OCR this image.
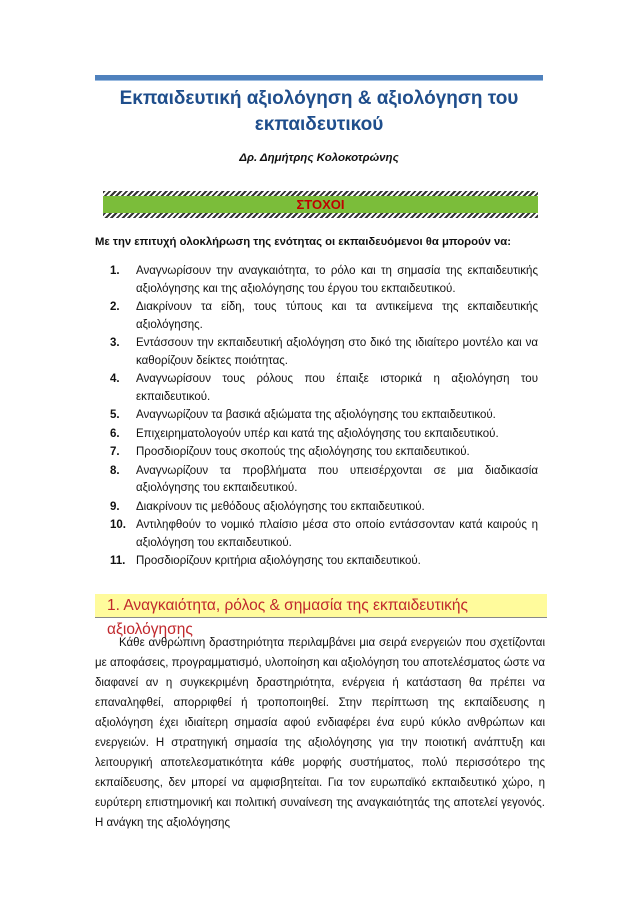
Εκπαιδευτική αξιολόγηση & αξιολόγηση του εκπαιδευτικού
Δρ. Δημήτρης Κολοκοτρώνης
ΣΤΟΧΟΙ
Με την επιτυχή ολοκλήρωση της ενότητας οι εκπαιδευόμενοι θα μπορούν να:
1. Αναγνωρίσουν την αναγκαιότητα, το ρόλο και τη σημασία της εκπαιδευτικής αξιολόγησης και της αξιολόγησης του έργου του εκπαιδευτικού.
2. Διακρίνουν τα είδη, τους τύπους και τα αντικείμενα της εκπαιδευτικής αξιολόγησης.
3. Εντάσσουν την εκπαιδευτική αξιολόγηση στο δικό της ιδιαίτερο μοντέλο και να καθορίζουν δείκτες ποιότητας.
4. Αναγνωρίσουν τους ρόλους που έπαιξε ιστορικά η αξιολόγηση του εκπαιδευτικού.
5. Αναγνωρίζουν τα βασικά αξιώματα της αξιολόγησης του εκπαιδευτικού.
6. Επιχειρηματολογούν υπέρ και κατά της αξιολόγησης του εκπαιδευτικού.
7. Προσδιορίζουν τους σκοπούς της αξιολόγησης του εκπαιδευτικού.
8. Αναγνωρίζουν τα προβλήματα που υπεισέρχονται σε μια διαδικασία αξιολόγησης του εκπαιδευτικού.
9. Διακρίνουν τις μεθόδους αξιολόγησης του εκπαιδευτικού.
10. Αντιληφθούν το νομικό πλαίσιο μέσα στο οποίο εντάσσονταν κατά καιρούς η αξιολόγηση του εκπαιδευτικού.
11. Προσδιορίζουν κριτήρια αξιολόγησης του εκπαιδευτικού.
1. Αναγκαιότητα, ρόλος & σημασία της εκπαιδευτικής αξιολόγησης

Κάθε ανθρώπινη δραστηριότητα περιλαμβάνει μια σειρά ενεργειών που σχετίζονται με αποφάσεις, προγραμματισμό, υλοποίηση και αξιολόγηση του αποτελέσματος ώστε να διαφανεί αν η συγκεκριμένη δραστηριότητα, ενέργεια ή κατάσταση θα πρέπει να επαναληφθεί, απορριφθεί ή τροποποιηθεί. Στην περίπτωση της εκπαίδευσης η αξιολόγηση έχει ιδιαίτερη σημασία αφού ενδιαφέρει ένα ευρύ κύκλο ανθρώπων και ενεργειών. Η στρατηγική σημασία της αξιολόγησης για την ποιοτική ανάπτυξη και λειτουργική αποτελεσματικότητα κάθε μορφής συστήματος, πολύ περισσότερο της εκπαίδευσης, δεν μπορεί να αμφισβητείται. Για τον ευρωπαϊκό εκπαιδευτικό χώρο, η ευρύτερη επιστημονική και πολιτική συναίνεση της αναγκαιότητάς της αποτελεί γεγονός. Η ανάγκη της αξιολόγησης
